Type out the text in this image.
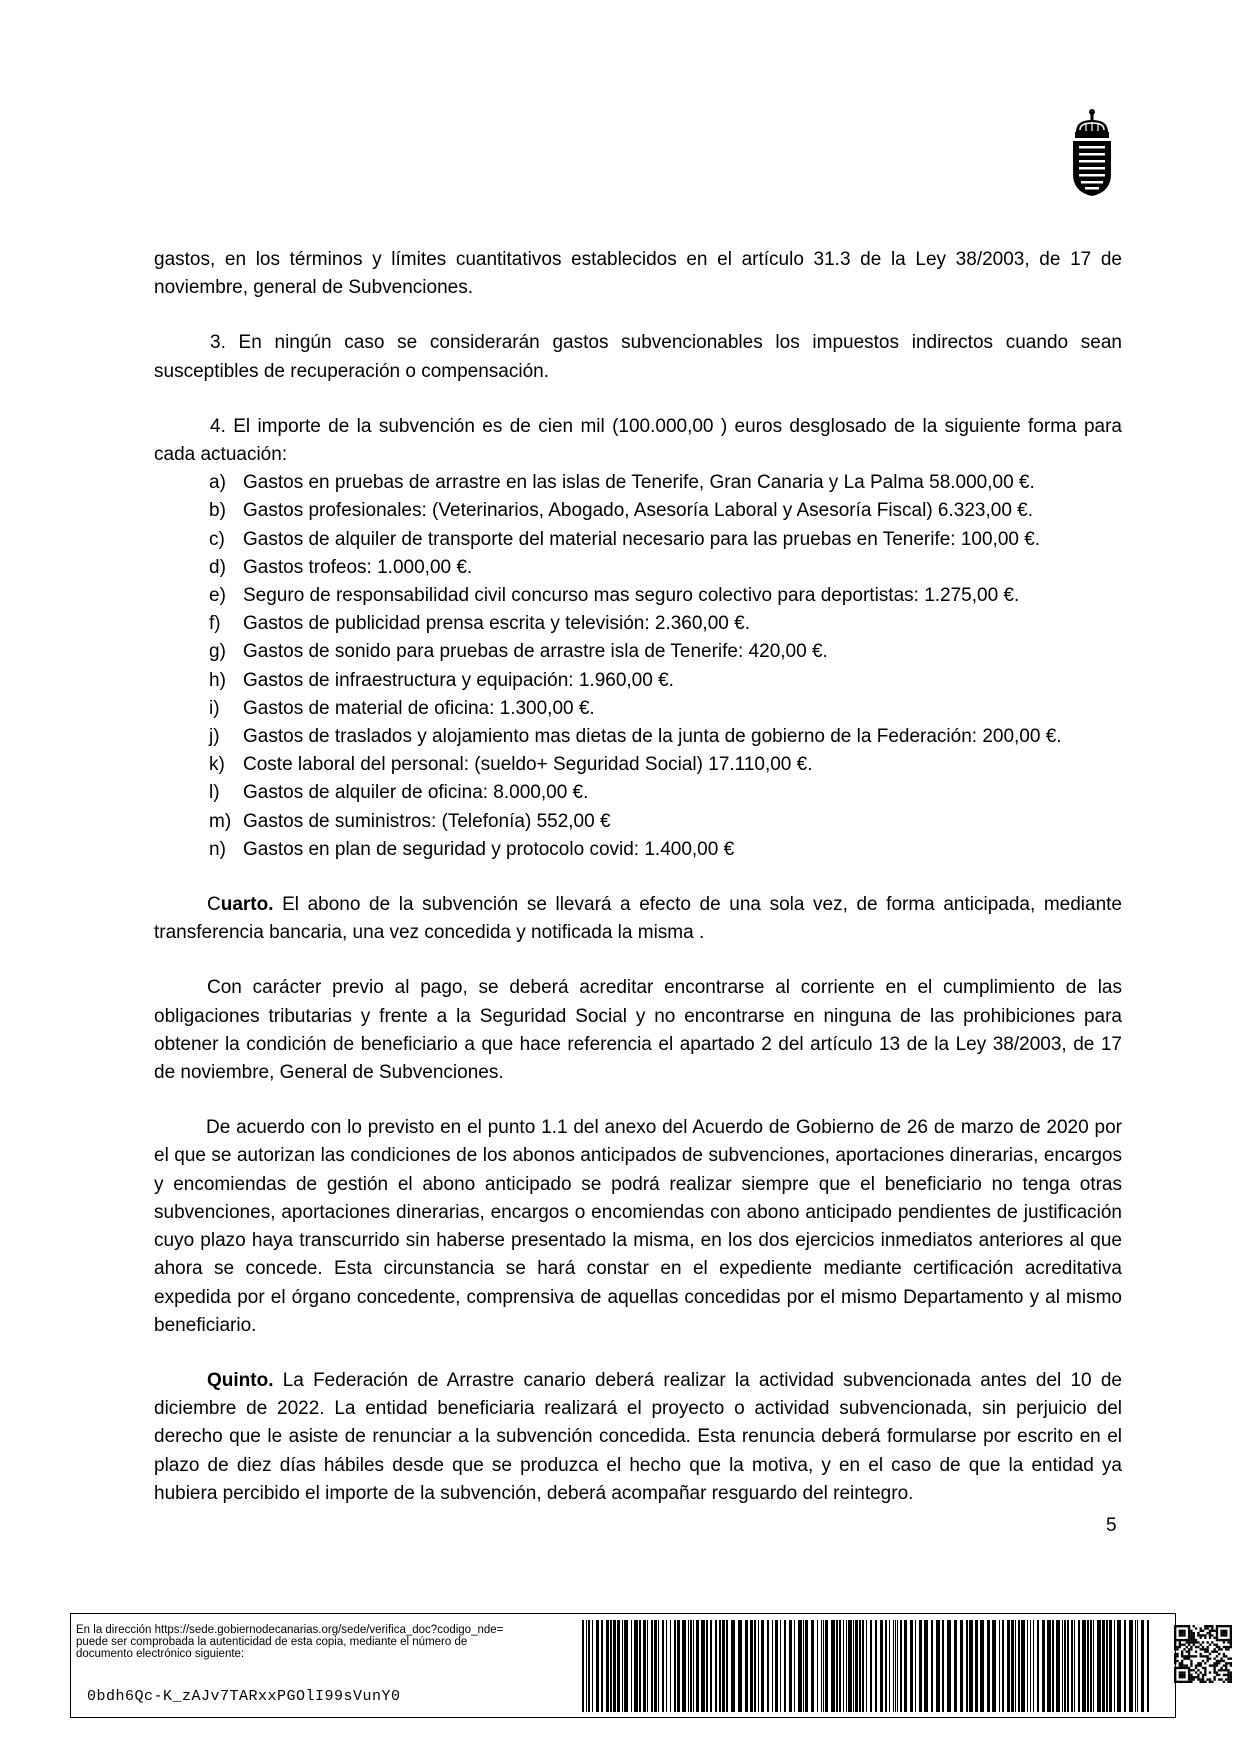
gastos, en los términos y límites cuantitativos establecidos en el artículo 31.3 de la Ley 38/2003, de 17 de noviembre, general de Subvenciones.

3. En ningún caso se considerarán gastos subvencionables los impuestos indirectos cuando sean susceptibles de recuperación o compensación.

4. El importe de la subvención es de cien mil (100.000,00 ) euros desglosado de la siguiente forma para cada actuación:

a) Gastos en pruebas de arrastre en las islas de Tenerife, Gran Canaria y La Palma 58.000,00 €.
b) Gastos profesionales: (Veterinarios, Abogado, Asesoría Laboral y Asesoría Fiscal) 6.323,00 €.
c) Gastos de alquiler de transporte del material necesario para las pruebas en Tenerife: 100,00 €.
d) Gastos trofeos: 1.000,00 €.
e) Seguro de responsabilidad civil concurso mas seguro colectivo para deportistas: 1.275,00 €.
f) Gastos de publicidad prensa escrita y televisión: 2.360,00 €.
g) Gastos de sonido para pruebas de arrastre isla de Tenerife: 420,00 €.
h) Gastos de infraestructura y equipación: 1.960,00 €.
i) Gastos de material de oficina: 1.300,00 €.
j) Gastos de traslados y alojamiento mas dietas de la junta de gobierno de la Federación: 200,00 €.
k) Coste laboral del personal: (sueldo+ Seguridad Social) 17.110,00 €.
l) Gastos de alquiler de oficina: 8.000,00 €.
m) Gastos de suministros: (Telefonía) 552,00 €
n) Gastos en plan de seguridad y protocolo covid: 1.400,00 €

Cuarto. El abono de la subvención se llevará a efecto de una sola vez, de forma anticipada, mediante transferencia bancaria, una vez concedida y notificada la misma .

Con carácter previo al pago, se deberá acreditar encontrarse al corriente en el cumplimiento de las obligaciones tributarias y frente a la Seguridad Social y no encontrarse en ninguna de las prohibiciones para obtener la condición de beneficiario a que hace referencia el apartado 2 del artículo 13 de la Ley 38/2003, de 17 de noviembre, General de Subvenciones.

De acuerdo con lo previsto en el punto 1.1 del anexo del Acuerdo de Gobierno de 26 de marzo de 2020 por el que se autorizan las condiciones de los abonos anticipados de subvenciones, aportaciones dinerarias, encargos y encomiendas de gestión el abono anticipado se podrá realizar siempre que el beneficiario no tenga otras subvenciones, aportaciones dinerarias, encargos o encomiendas con abono anticipado pendientes de justificación cuyo plazo haya transcurrido sin haberse presentado la misma, en los dos ejercicios inmediatos anteriores al que ahora se concede. Esta circunstancia se hará constar en el expediente mediante certificación acreditativa expedida por el órgano concedente, comprensiva de aquellas concedidas por el mismo Departamento y al mismo beneficiario.

Quinto. La Federación de Arrastre canario deberá realizar la actividad subvencionada antes del 10 de diciembre de 2022. La entidad beneficiaria realizará el proyecto o actividad subvencionada, sin perjuicio del derecho que le asiste de renunciar a la subvención concedida. Esta renuncia deberá formularse por escrito en el plazo de diez días hábiles desde que se produzca el hecho que la motiva, y en el caso de que la entidad ya hubiera percibido el importe de la subvención, deberá acompañar resguardo del reintegro.

5
En la dirección https://sede.gobiernodecanarias.org/sede/verifica_doc?codigo_nde=
puede ser comprobada la autenticidad de esta copia, mediante el número de
documento electrónico siguiente:
0bdh6Qc-K_zAJv7TARxxPGOlI99sVunY0
